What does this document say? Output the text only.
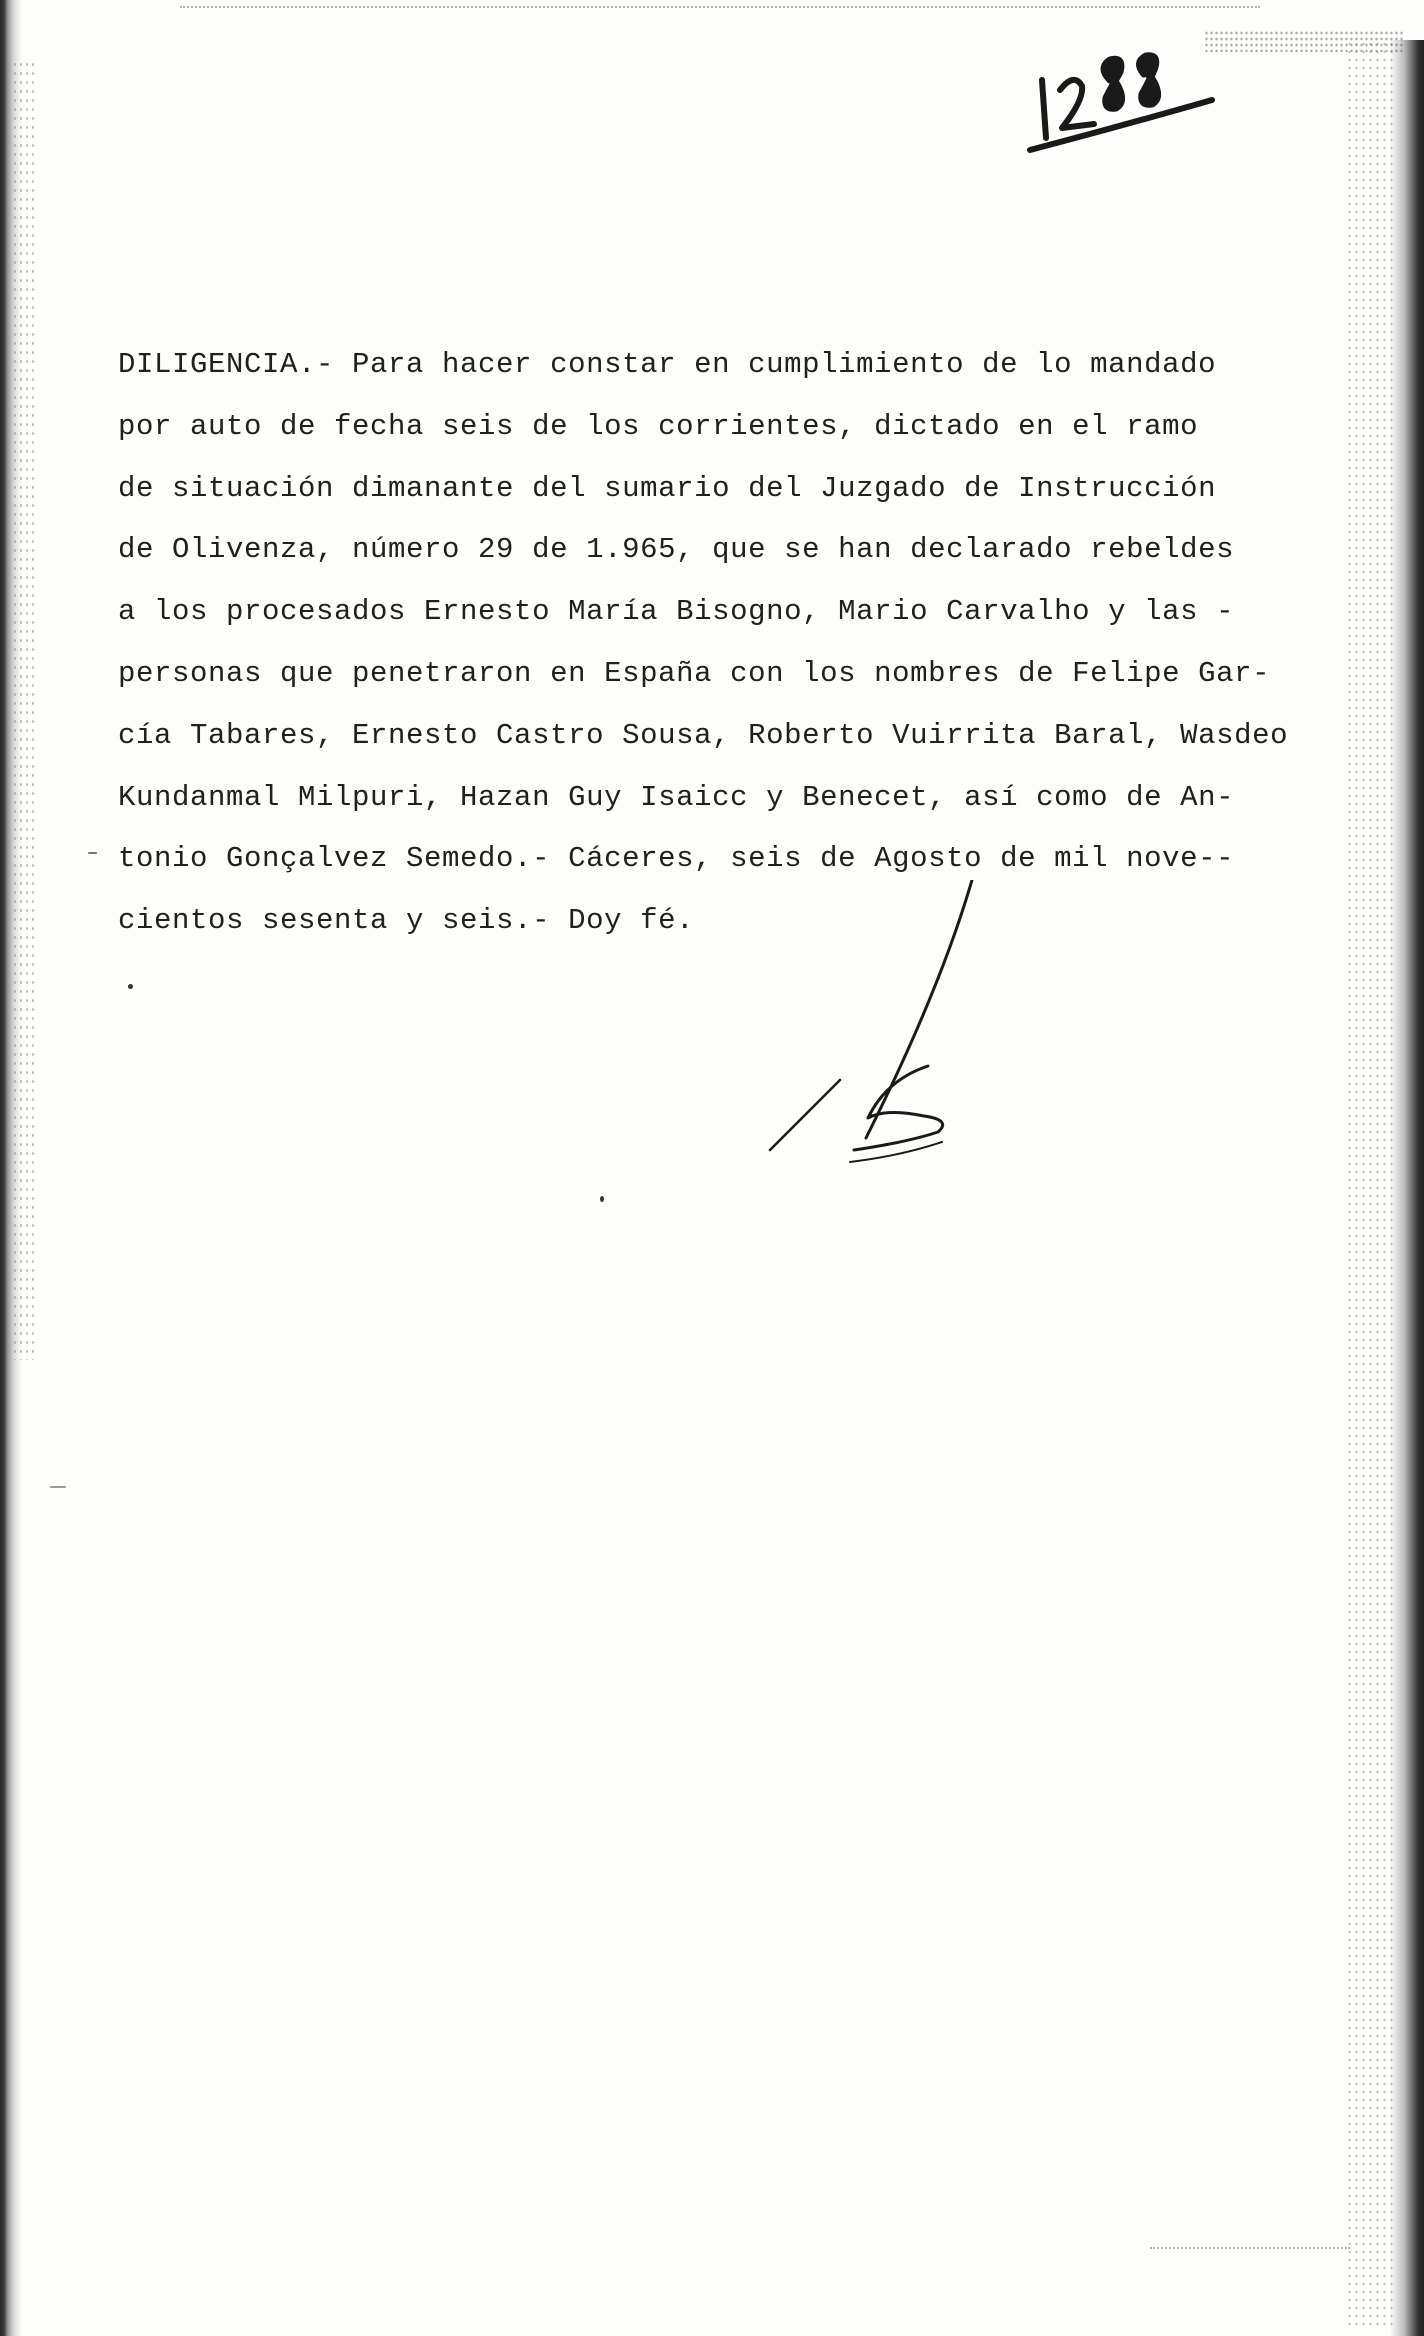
DILIGENCIA.- Para hacer constar en cumplimiento de lo mandado
por auto de fecha seis de los corrientes, dictado en el ramo
de situación dimanante del sumario del Juzgado de Instrucción
de Olivenza, número 29 de 1.965, que se han declarado rebeldes
a los procesados Ernesto María Bisogno, Mario Carvalho y las -
personas que penetraron en España con los nombres de Felipe Gar-
cía Tabares, Ernesto Castro Sousa, Roberto Vuirrita Baral, Wasdeo
Kundanmal Milpuri, Hazan Guy Isaicc y Benecet, así como de An-
tonio Gonçalvez Semedo.- Cáceres, seis de Agosto de mil nove--
cientos sesenta y seis.- Doy fé.
